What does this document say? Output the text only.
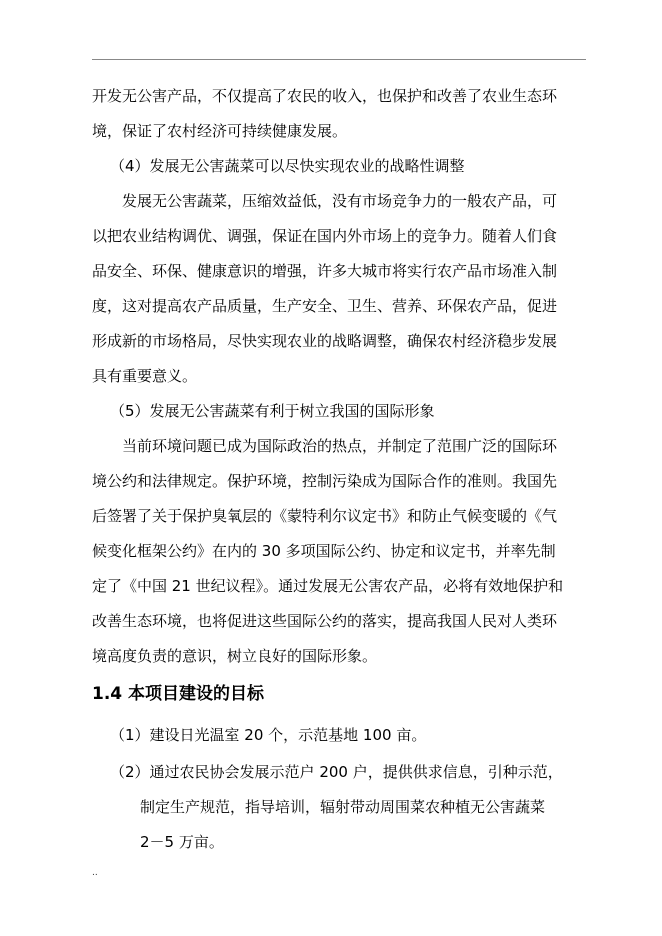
开发无公害产品，不仅提高了农民的收入，也保护和改善了农业生态环
境，保证了农村经济可持续健康发展。
（4）发展无公害蔬菜可以尽快实现农业的战略性调整
发展无公害蔬菜，压缩效益低，没有市场竞争力的一般农产品，可
以把农业结构调优、调强，保证在国内外市场上的竞争力。随着人们食
品安全、环保、健康意识的增强，许多大城市将实行农产品市场准入制
度，这对提高农产品质量，生产安全、卫生、营养、环保农产品，促进
形成新的市场格局，尽快实现农业的战略调整，确保农村经济稳步发展
具有重要意义。
（5）发展无公害蔬菜有利于树立我国的国际形象
当前环境问题已成为国际政治的热点，并制定了范围广泛的国际环
境公约和法律规定。保护环境，控制污染成为国际合作的准则。我国先
后签署了关于保护臭氧层的《蒙特利尔议定书》和防止气候变暖的《气
候变化框架公约》在内的 30 多项国际公约、协定和议定书，并率先制
定了《中国 21 世纪议程》。通过发展无公害农产品，必将有效地保护和
改善生态环境，也将促进这些国际公约的落实，提高我国人民对人类环
境高度负责的意识，树立良好的国际形象。
1.4 本项目建设的目标
（1）建设日光温室 20 个，示范基地 100 亩。
（2）通过农民协会发展示范户 200 户，提供供求信息，引种示范，
制定生产规范，指导培训，辐射带动周围菜农种植无公害蔬菜
2－5 万亩。
..
